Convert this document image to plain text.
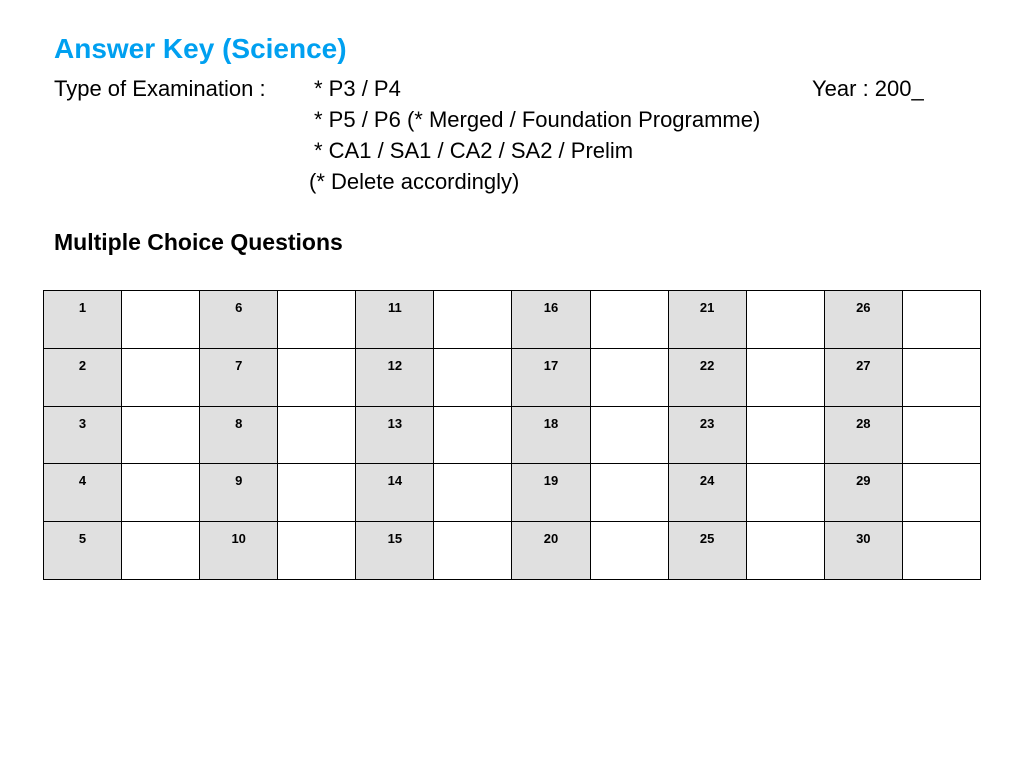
Answer Key (Science)
Type of Examination : * P3 / P4	Year : 200_
* P5 / P6 (* Merged / Foundation Programme)
* CA1 / SA1 / CA2 / SA2 / Prelim
(* Delete accordingly)
Multiple Choice Questions
1		6		11		16		21		26	

2		7		12		17		22		27	

3		8		13		18		23		28	

4		9		14		19		24		29	

5		10		15		20		25		30	
